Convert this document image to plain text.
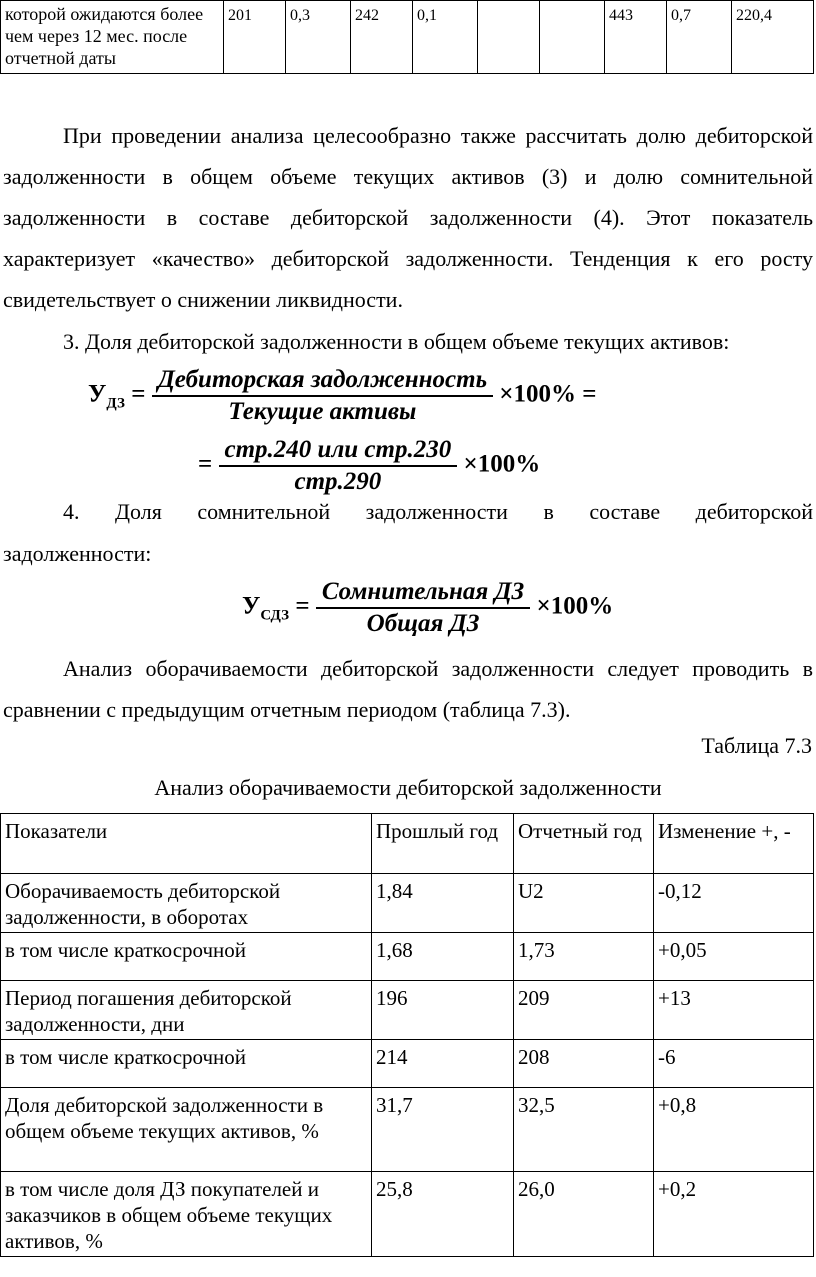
которой ожидаются более чем через 12 мес. после отчетной даты	201	0,3	242	0,1			443	0,7	220,4

При проведении анализа целесообразно также рассчитать долю дебиторской задолженности в общем объеме текущих активов (3) и долю сомнительной задолженности в составе дебиторской задолженности (4). Этот показатель характеризует «качество» дебиторской задолженности. Тенденция к его росту свидетельствует о снижении ликвидности.

3. Доля дебиторской задолженности в общем объеме текущих активов:
$У_{ДЗ} = \frac{\text{Дебиторская задолженность}}{\text{Текущие активы}} \times 100\%$ =
= $\frac{\text{стр.240 или стр.230}}{\text{стр.290}} \times 100\%$
4. Доля сомнительной задолженности в составе дебиторской
задолженности:
$У_{СДЗ} = \frac{\text{Сомнительная ДЗ}}{\text{Общая ДЗ}} \times 100\%$

Анализ оборачиваемости дебиторской задолженности следует проводить в сравнении с предыдущим отчетным периодом (таблица 7.3).

Таблица 7.3
Анализ оборачиваемости дебиторской задолженности
Показатели	Прошлый год	Отчетный год	Изменение +, -
Оборачиваемость дебиторской задолженности, в оборотах	1,84	U2	-0,12
в том числе краткосрочной	1,68	1,73	+0,05
Период погашения дебиторской задолженности, дни	196	209	+13
в том числе краткосрочной	214	208	-6
Доля дебиторской задолженности в общем объеме текущих активов, %	31,7	32,5	+0,8
в том числе доля ДЗ покупателей и заказчиков в общем объеме текущих активов, %	25,8	26,0	+0,2
